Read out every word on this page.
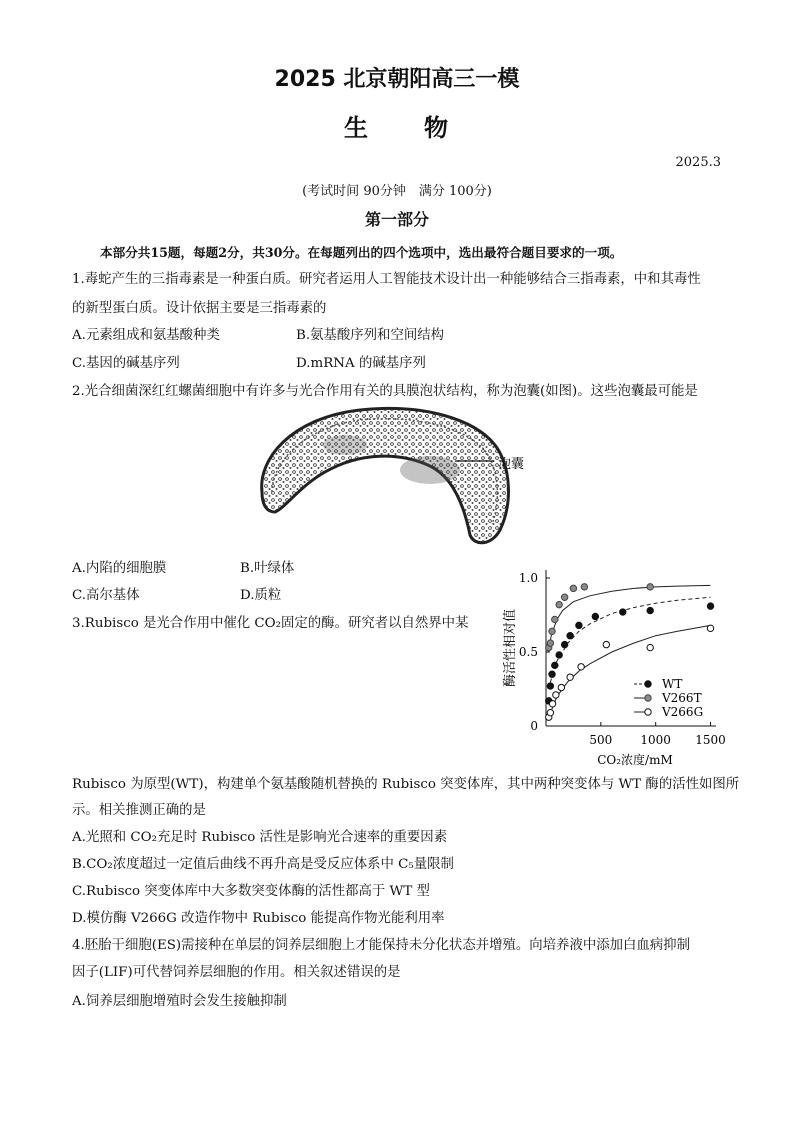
2025 北京朝阳高三一模
生 物
2025.3
(考试时间 90分钟　满分 100分)
第一部分
本部分共15题，每题2分，共30分。在每题列出的四个选项中，选出最符合题目要求的一项。
1.毒蛇产生的三指毒素是一种蛋白质。研究者运用人工智能技术设计出一种能够结合三指毒素，中和其毒性
的新型蛋白质。设计依据主要是三指毒素的
A.元素组成和氨基酸种类	B.氨基酸序列和空间结构
C.基因的碱基序列	D.mRNA 的碱基序列
2.光合细菌深红红螺菌细胞中有许多与光合作用有关的具膜泡状结构，称为泡囊(如图)。这些泡囊最可能是
泡囊
A.内陷的细胞膜	B.叶绿体
C.高尔基体	D.质粒
3.Rubisco 是光合作用中催化 CO₂固定的酶。研究者以自然界中某
500 1000 1500
0
0.5
1.0
CO₂浓度/mM
酶活性相对值	WT
V266T
V266G
Rubisco 为原型(WT)，构建单个氨基酸随机替换的 Rubisco 突变体库，其中两种突变体与 WT 酶的活性如图所
示。相关推测正确的是
A.光照和 CO₂充足时 Rubisco 活性是影响光合速率的重要因素
B.CO₂浓度超过一定值后曲线不再升高是受反应体系中 C₅量限制
C.Rubisco 突变体库中大多数突变体酶的活性都高于 WT 型
D.模仿酶 V266G 改造作物中 Rubisco 能提高作物光能利用率
4.胚胎干细胞(ES)需接种在单层的饲养层细胞上才能保持未分化状态并增殖。向培养液中添加白血病抑制
因子(LIF)可代替饲养层细胞的作用。相关叙述错误的是
A.饲养层细胞增殖时会发生接触抑制
